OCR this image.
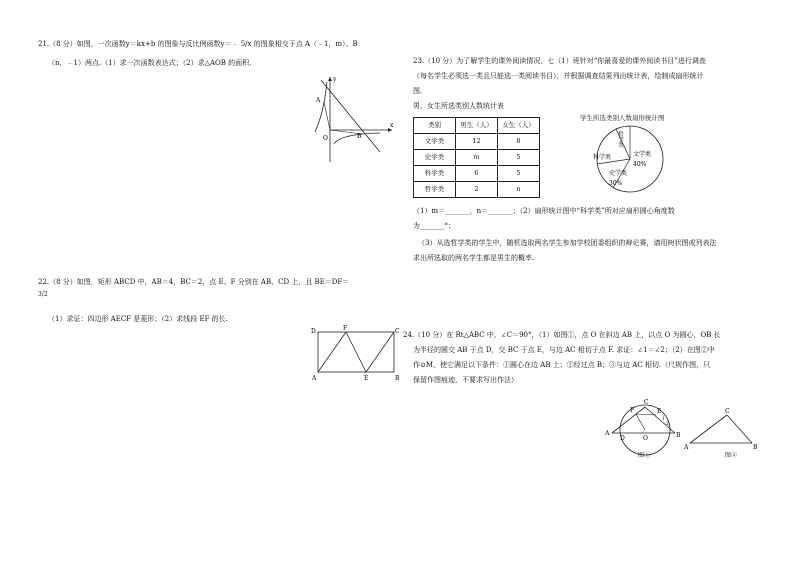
21.（8 分）如图，一次函数y＝kx+b 的图象与反比例函数y＝﹣ 5/x 的图象相交于点 A（﹣1，m）、B
（n，﹣1）两点.（1）求一次函数表达式；（2）求△AOB 的面积.
y
x
A
O	B
22.（8 分）如图，矩形 ABCD 中，AB＝4，BC＝2，点 E、F 分别在 AB、CD 上，且 BE＝DF＝
3/2
（1）求证：四边形 AECF 是菱形；（2）求线段 EF 的长.
D	F	C
A	E	B
23.（10 分）为了解学生的课外阅读情况，七（1）班针对“你最喜爱的课外阅读书目”进行调查
（每名学生必须选一类且只能选一类阅读书目），并根据调查结果列出统计表，绘制成扇形统计
图.
男、女生所选类别人数统计表
类别	男生（人）	女生（人）
文学类	12	8
史学类	m	5
科学类	6	5
哲学类	2	n
学生所选类别人数扇形统计图
哲学类
科学类	文学类
40%
史学类
30%
（1）m＝_______，n＝_______；（2）扇形统计图中“科学类”所对应扇形圆心角度数
为_______°；
（3）从选哲学类的学生中，随机选取两名学生参加学校团委组织的辩论赛，请用树状图或列表法
求出所选取的两名学生都是男生的概率.
24.（10 分）在 Rt△ABC 中，∠C＝90°，（1）如图①，点 O 在斜边 AB 上，以点 O 为圆心，OB 长
为半径的圆交 AB 于点 D，交 BC 于点 E，与边 AC 相切于点 F. 求证：∠1＝∠2；（2）在图②中
作⊙M，使它满足以下条件：①圆心在边 AB 上；②经过点 B；③与边 AC 相切.（尺规作图，只
保留作图痕迹，不要求写出作法）
C
E
F
A
D	O	B
1
2
图①
C
A	B
图②
